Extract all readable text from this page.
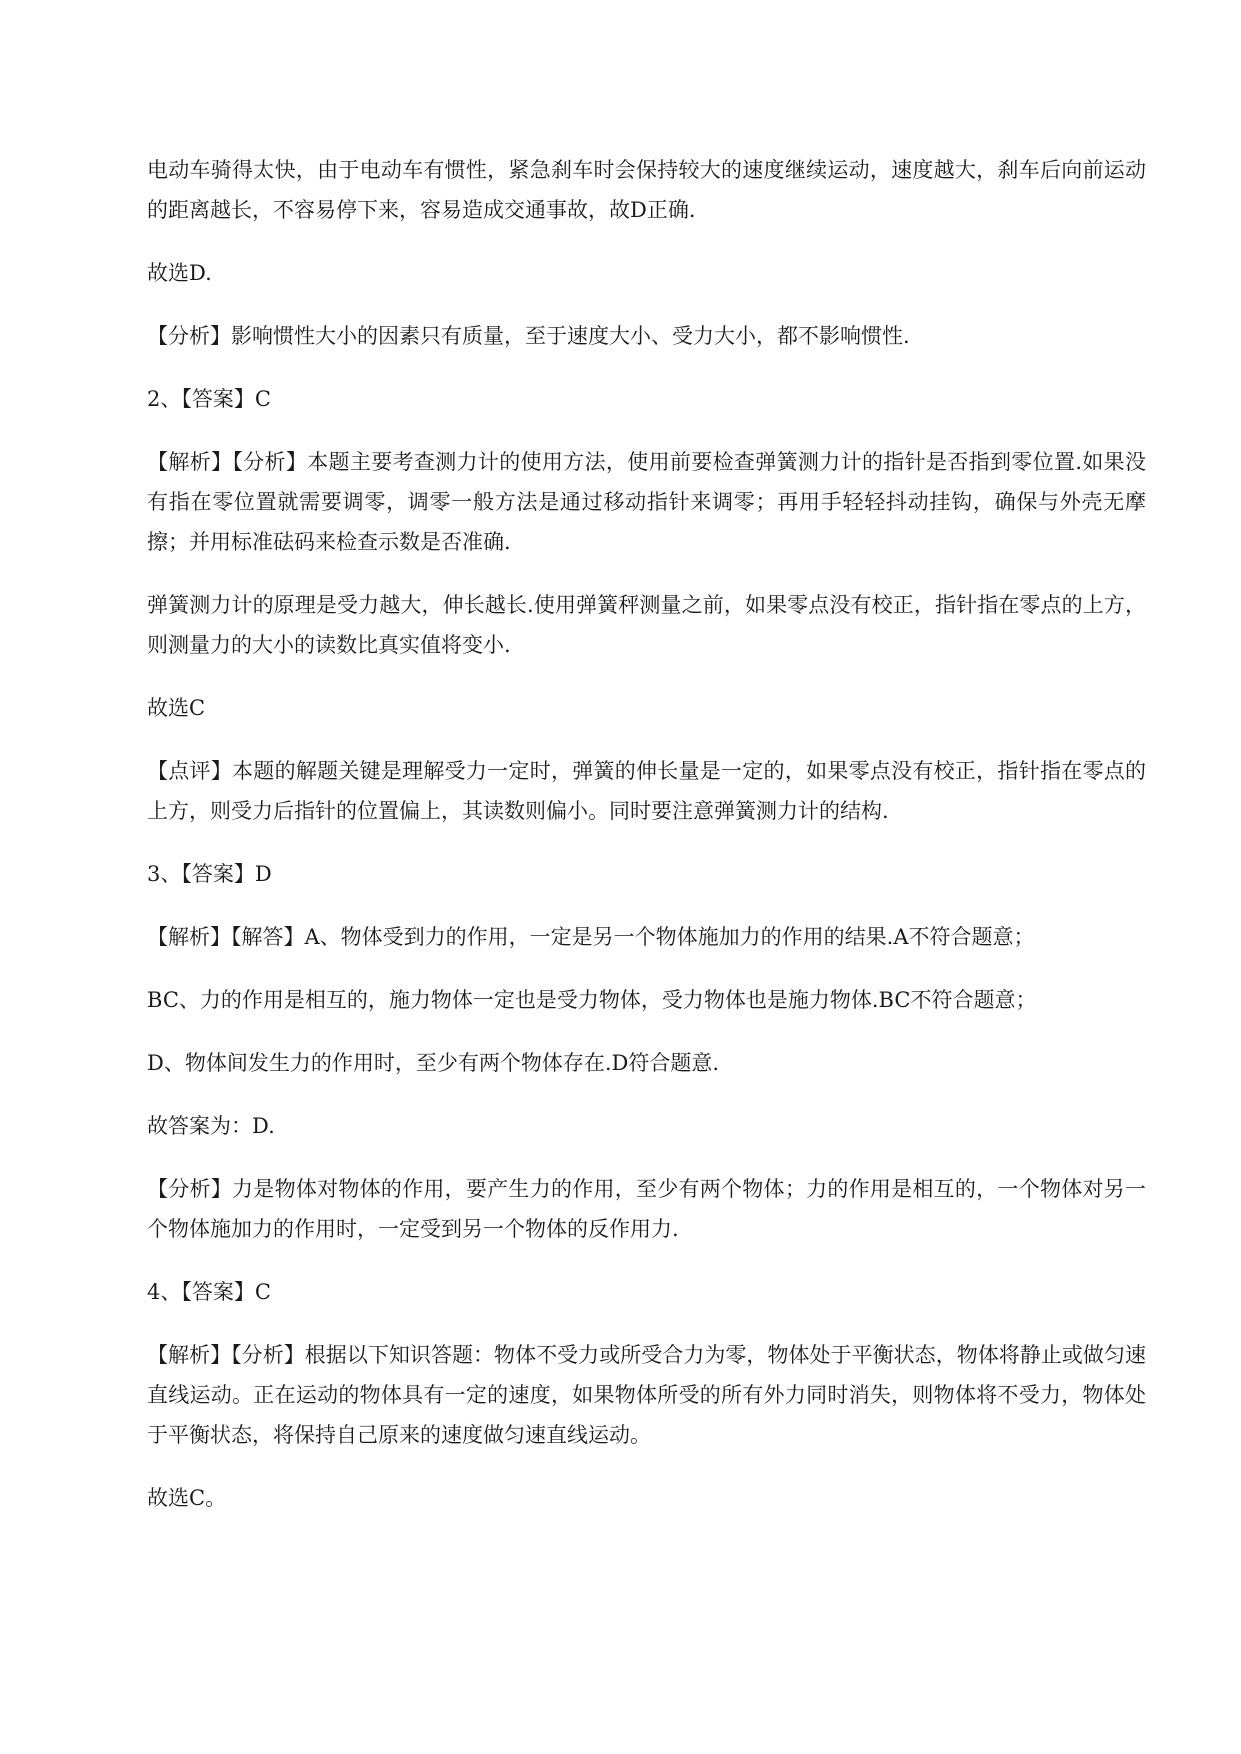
电动车骑得太快，由于电动车有惯性，紧急刹车时会保持较大的速度继续运动，速度越大，刹车后向前运动的距离越长，不容易停下来，容易造成交通事故，故D正确.

故选D.

【分析】影响惯性大小的因素只有质量，至于速度大小、受力大小，都不影响惯性.

2、【答案】C

【解析】【分析】本题主要考查测力计的使用方法，使用前要检查弹簧测力计的指针是否指到零位置.如果没有指在零位置就需要调零，调零一般方法是通过移动指针来调零；再用手轻轻抖动挂钩，确保与外壳无摩擦；并用标准砝码来检查示数是否准确.

弹簧测力计的原理是受力越大，伸长越长.使用弹簧秤测量之前，如果零点没有校正，指针指在零点的上方，则测量力的大小的读数比真实值将变小.

故选C

【点评】本题的解题关键是理解受力一定时，弹簧的伸长量是一定的，如果零点没有校正，指针指在零点的上方，则受力后指针的位置偏上，其读数则偏小。同时要注意弹簧测力计的结构.

3、【答案】D

【解析】【解答】A、物体受到力的作用，一定是另一个物体施加力的作用的结果.A不符合题意；

BC、力的作用是相互的，施力物体一定也是受力物体，受力物体也是施力物体.BC不符合题意；

D、物体间发生力的作用时，至少有两个物体存在.D符合题意.

故答案为：D.

【分析】力是物体对物体的作用，要产生力的作用，至少有两个物体；力的作用是相互的，一个物体对另一个物体施加力的作用时，一定受到另一个物体的反作用力.

4、【答案】C

【解析】【分析】根据以下知识答题：物体不受力或所受合力为零，物体处于平衡状态，物体将静止或做匀速直线运动。正在运动的物体具有一定的速度，如果物体所受的所有外力同时消失，则物体将不受力，物体处于平衡状态，将保持自己原来的速度做匀速直线运动。

故选C。
